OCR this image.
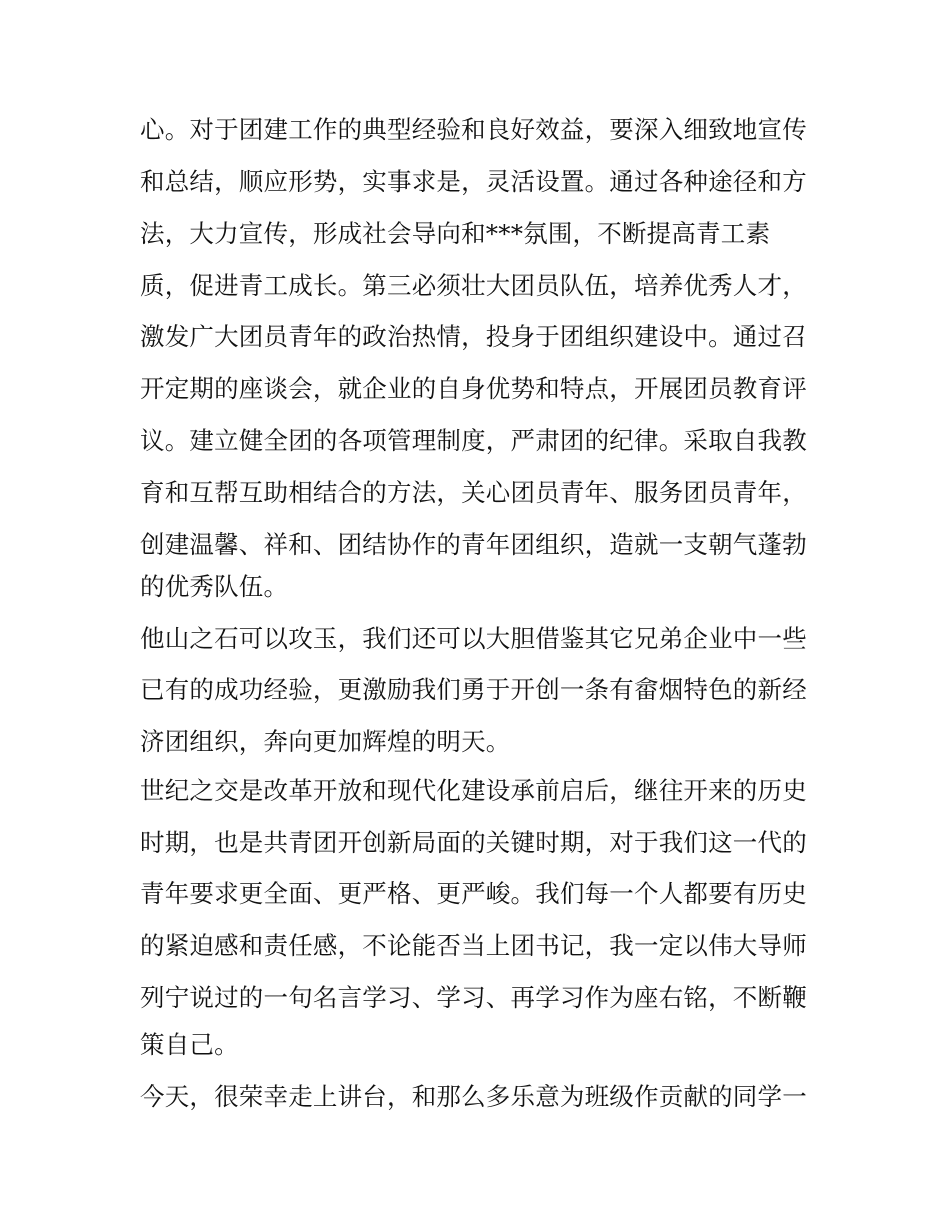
心。对于团建工作的典型经验和良好效益，要深入细致地宣传
和总结，顺应形势，实事求是，灵活设置。通过各种途径和方
法，大力宣传，形成社会导向和***氛围，不断提高青工素
质，促进青工成长。第三必须壮大团员队伍，培养优秀人才，
激发广大团员青年的政治热情，投身于团组织建设中。通过召
开定期的座谈会，就企业的自身优势和特点，开展团员教育评
议。建立健全团的各项管理制度，严肃团的纪律。采取自我教
育和互帮互助相结合的方法，关心团员青年、服务团员青年，
创建温馨、祥和、团结协作的青年团组织，造就一支朝气蓬勃
的优秀队伍。
他山之石可以攻玉，我们还可以大胆借鉴其它兄弟企业中一些
已有的成功经验，更激励我们勇于开创一条有畲烟特色的新经
济团组织，奔向更加辉煌的明天。
世纪之交是改革开放和现代化建设承前启后，继往开来的历史
时期，也是共青团开创新局面的关键时期，对于我们这一代的
青年要求更全面、更严格、更严峻。我们每一个人都要有历史
的紧迫感和责任感，不论能否当上团书记，我一定以伟大导师
列宁说过的一句名言学习、学习、再学习作为座右铭，不断鞭
策自己。
今天，很荣幸走上讲台，和那么多乐意为班级作贡献的同学一
